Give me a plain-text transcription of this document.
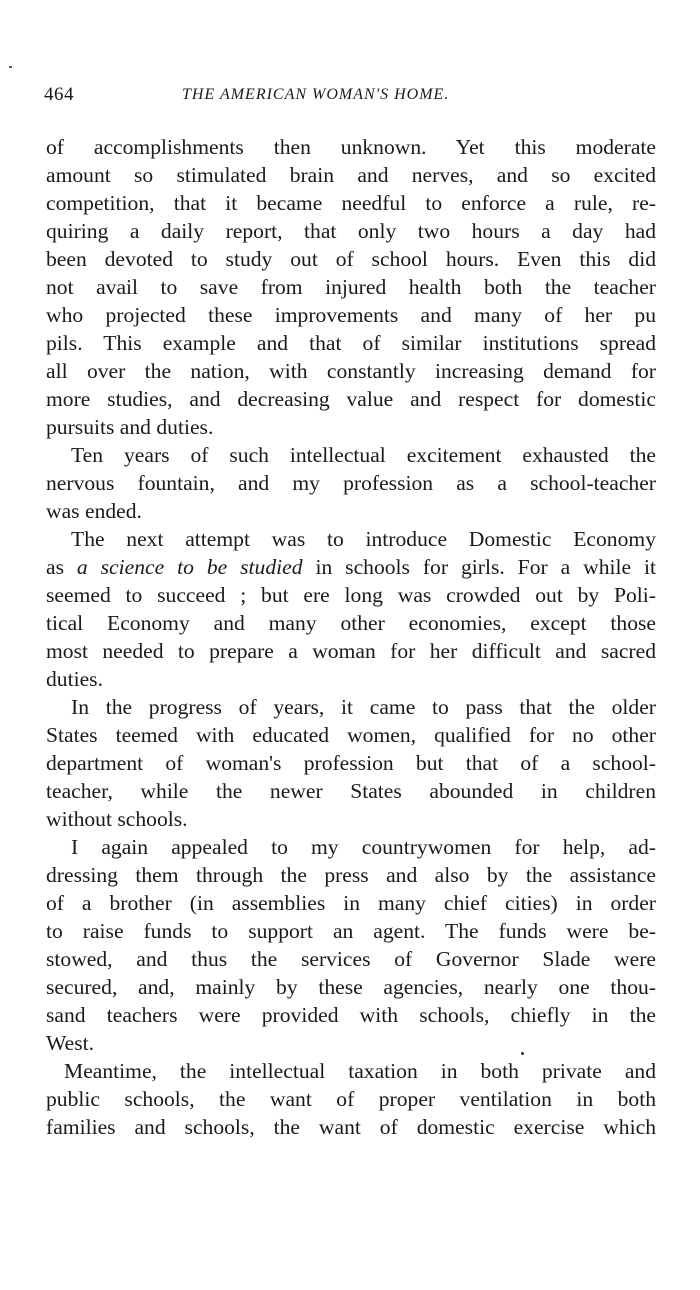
464	THE AMERICAN WOMAN'S HOME.
of accomplishments then unknown. Yet this moderate
amount so stimulated brain and nerves, and so excited
competition, that it became needful to enforce a rule, re-
quiring a daily report, that only two hours a day had
been devoted to study out of school hours. Even this did
not avail to save from injured health both the teacher
who projected these improvements and many of her pu
pils. This example and that of similar institutions spread
all over the nation, with constantly increasing demand for
more studies, and decreasing value and respect for domestic
pursuits and duties.
Ten years of such intellectual excitement exhausted the
nervous fountain, and my profession as a school-teacher
was ended.
The next attempt was to introduce Domestic Economy
as a science to be studied in schools for girls. For a while it
seemed to succeed ; but ere long was crowded out by Poli-
tical Economy and many other economies, except those
most needed to prepare a woman for her difficult and sacred
duties.
In the progress of years, it came to pass that the older
States teemed with educated women, qualified for no other
department of woman's profession but that of a school-
teacher, while the newer States abounded in children
without schools.
I again appealed to my countrywomen for help, ad-
dressing them through the press and also by the assistance
of a brother (in assemblies in many chief cities) in order
to raise funds to support an agent. The funds were be-
stowed, and thus the services of Governor Slade were
secured, and, mainly by these agencies, nearly one thou-
sand teachers were provided with schools, chiefly in the
West.
Meantime, the intellectual taxation in both private and
public schools, the want of proper ventilation in both
families and schools, the want of domestic exercise which
